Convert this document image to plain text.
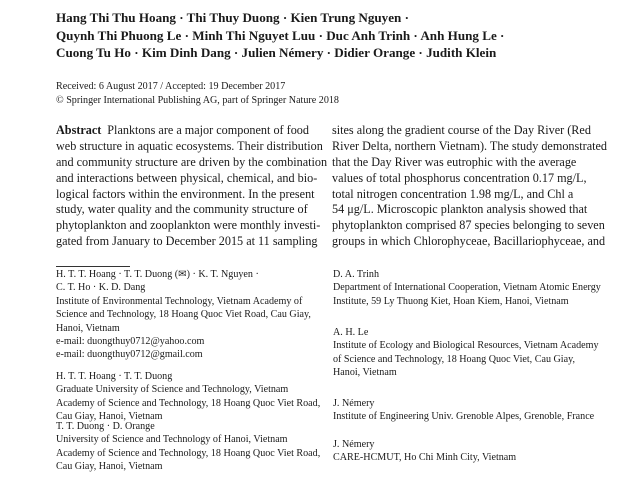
Hang Thi Thu Hoang · Thi Thuy Duong · Kien Trung Nguyen ·
Quynh Thi Phuong Le · Minh Thi Nguyet Luu · Duc Anh Trinh · Anh Hung Le ·
Cuong Tu Ho · Kim Dinh Dang · Julien Némery · Didier Orange · Judith Klein
Received: 6 August 2017 / Accepted: 19 December 2017
© Springer International Publishing AG, part of Springer Nature 2018
Abstract Planktons are a major component of food
web structure in aquatic ecosystems. Their distribution
and community structure are driven by the combination
and interactions between physical, chemical, and bio-
logical factors within the environment. In the present
study, water quality and the community structure of
phytoplankton and zooplankton were monthly investi-
gated from January to December 2015 at 11 sampling
sites along the gradient course of the Day River (Red
River Delta, northern Vietnam). The study demonstrated
that the Day River was eutrophic with the average
values of total phosphorus concentration 0.17 mg/L,
total nitrogen concentration 1.98 mg/L, and Chl a
54 μg/L. Microscopic plankton analysis showed that
phytoplankton comprised 87 species belonging to seven
groups in which Chlorophyceae, Bacillariophyceae, and
H. T. T. Hoang · T. T. Duong (✉) · K. T. Nguyen ·
C. T. Ho · K. D. Dang
Institute of Environmental Technology, Vietnam Academy of
Science and Technology, 18 Hoang Quoc Viet Road, Cau Giay,
Hanoi, Vietnam
e-mail: duongthuy0712@yahoo.com
e-mail: duongthuy0712@gmail.com
H. T. T. Hoang · T. T. Duong
Graduate University of Science and Technology, Vietnam
Academy of Science and Technology, 18 Hoang Quoc Viet Road,
Cau Giay, Hanoi, Vietnam
T. T. Duong · D. Orange
University of Science and Technology of Hanoi, Vietnam
Academy of Science and Technology, 18 Hoang Quoc Viet Road,
Cau Giay, Hanoi, Vietnam
D. A. Trinh
Department of International Cooperation, Vietnam Atomic Energy
Institute, 59 Ly Thuong Kiet, Hoan Kiem, Hanoi, Vietnam
A. H. Le
Institute of Ecology and Biological Resources, Vietnam Academy
of Science and Technology, 18 Hoang Quoc Viet, Cau Giay,
Hanoi, Vietnam
J. Némery
Institute of Engineering Univ. Grenoble Alpes, Grenoble, France
J. Némery
CARE-HCMUT, Ho Chi Minh City, Vietnam
